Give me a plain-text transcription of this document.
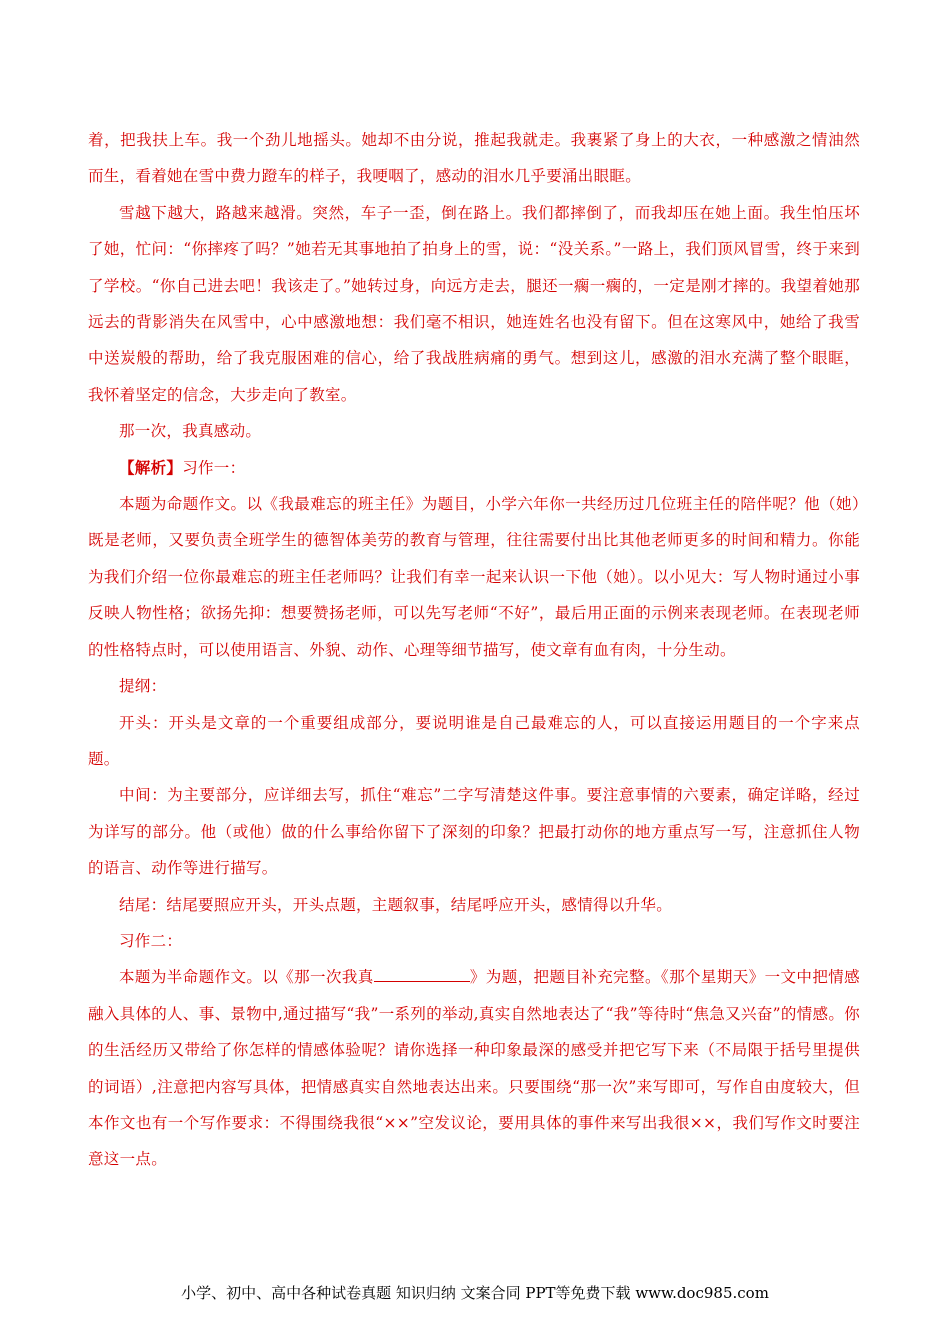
着，把我扶上车。我一个劲儿地摇头。她却不由分说，推起我就走。我裹紧了身上的大衣，一种感激之情油然而生，看着她在雪中费力蹬车的样子，我哽咽了，感动的泪水几乎要涌出眼眶。

雪越下越大，路越来越滑。突然，车子一歪，倒在路上。我们都摔倒了，而我却压在她上面。我生怕压坏了她，忙问：“你摔疼了吗？”她若无其事地拍了拍身上的雪，说：“没关系。”一路上，我们顶风冒雪，终于来到了学校。“你自己进去吧！我该走了。”她转过身，向远方走去，腿还一瘸一瘸的，一定是刚才摔的。我望着她那远去的背影消失在风雪中，心中感激地想：我们毫不相识，她连姓名也没有留下。但在这寒风中，她给了我雪中送炭般的帮助，给了我克服困难的信心，给了我战胜病痛的勇气。想到这儿，感激的泪水充满了整个眼眶，我怀着坚定的信念，大步走向了教室。

那一次，我真感动。

【解析】习作一：

本题为命题作文。以《我最难忘的班主任》为题目，小学六年你一共经历过几位班主任的陪伴呢？他（她）既是老师，又要负责全班学生的德智体美劳的教育与管理，往往需要付出比其他老师更多的时间和精力。你能为我们介绍一位你最难忘的班主任老师吗？让我们有幸一起来认识一下他（她）。以小见大：写人物时通过小事反映人物性格；欲扬先抑：想要赞扬老师，可以先写老师“不好”，最后用正面的示例来表现老师。在表现老师的性格特点时，可以使用语言、外貌、动作、心理等细节描写，使文章有血有肉，十分生动。

提纲：

开头：开头是文章的一个重要组成部分，要说明谁是自己最难忘的人，可以直接运用题目的一个字来点题。

中间：为主要部分，应详细去写，抓住“难忘”二字写清楚这件事。要注意事情的六要素，确定详略，经过为详写的部分。他（或他）做的什么事给你留下了深刻的印象？把最打动你的地方重点写一写，注意抓住人物的语言、动作等进行描写。

结尾：结尾要照应开头，开头点题，主题叙事，结尾呼应开头，感情得以升华。

习作二：

本题为半命题作文。以《那一次我真	》为题，把题目补充完整。《那个星期天》一文中把情感融入具体的人、事、景物中,通过描写“我”一系列的举动,真实自然地表达了“我”等待时“焦急又兴奋”的情感。你的生活经历又带给了你怎样的情感体验呢？请你选择一种印象最深的感受并把它写下来（不局限于括号里提供的词语）,注意把内容写具体，把情感真实自然地表达出来。只要围绕“那一次”来写即可，写作自由度较大，但本作文也有一个写作要求：不得围绕我很“××”空发议论，要用具体的事件来写出我很××，我们写作文时要注意这一点。

小学、初中、高中各种试卷真题 知识归纳 文案合同 PPT等免费下载 www.doc985.com
